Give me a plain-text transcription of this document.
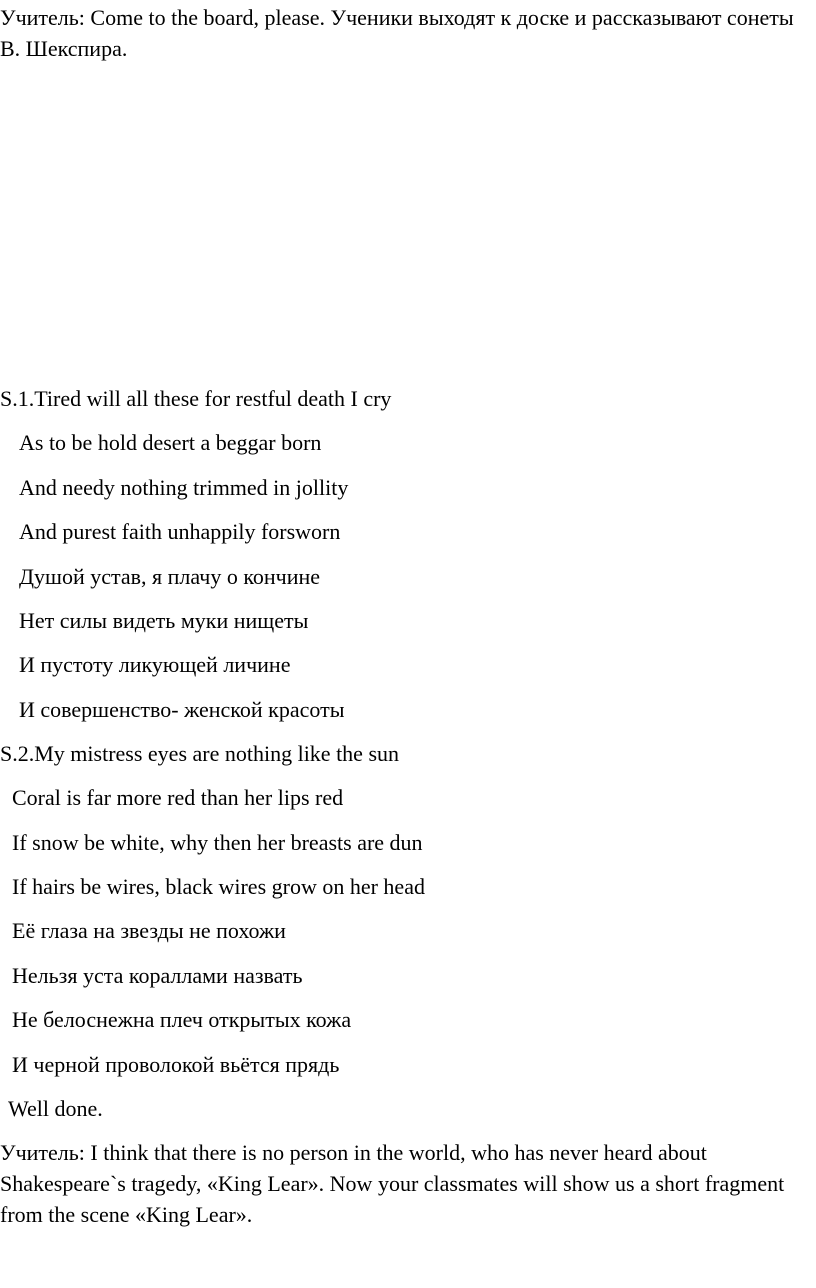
Учитель: Come to the board, please. Ученики выходят к доске и рассказывают сонеты В. Шекспира.

S.1.Tired will all these for restful death I cry

As to be hold desert a beggar born

And needy nothing trimmed in jollity

And purest faith unhappily forsworn

Душой устав, я плачу о кончине

Нет силы видеть муки нищеты

И пустоту ликующей личине

И совершенство- женской красоты

S.2.My mistress eyes are nothing like the sun

Coral is far more red than her lips red

If snow be white, why then her breasts are dun

If hairs be wires, black wires grow on her head

Её глаза на звезды не похожи

Нельзя уста кораллами назвать

Не белоснежна плеч открытых кожа

И черной проволокой вьётся прядь

Well done.

Учитель: I think that there is no person in the world, who has never heard about Shakespeare`s tragedy, «King Lear». Now your classmates will show us a short fragment from the scene «King Lear».
